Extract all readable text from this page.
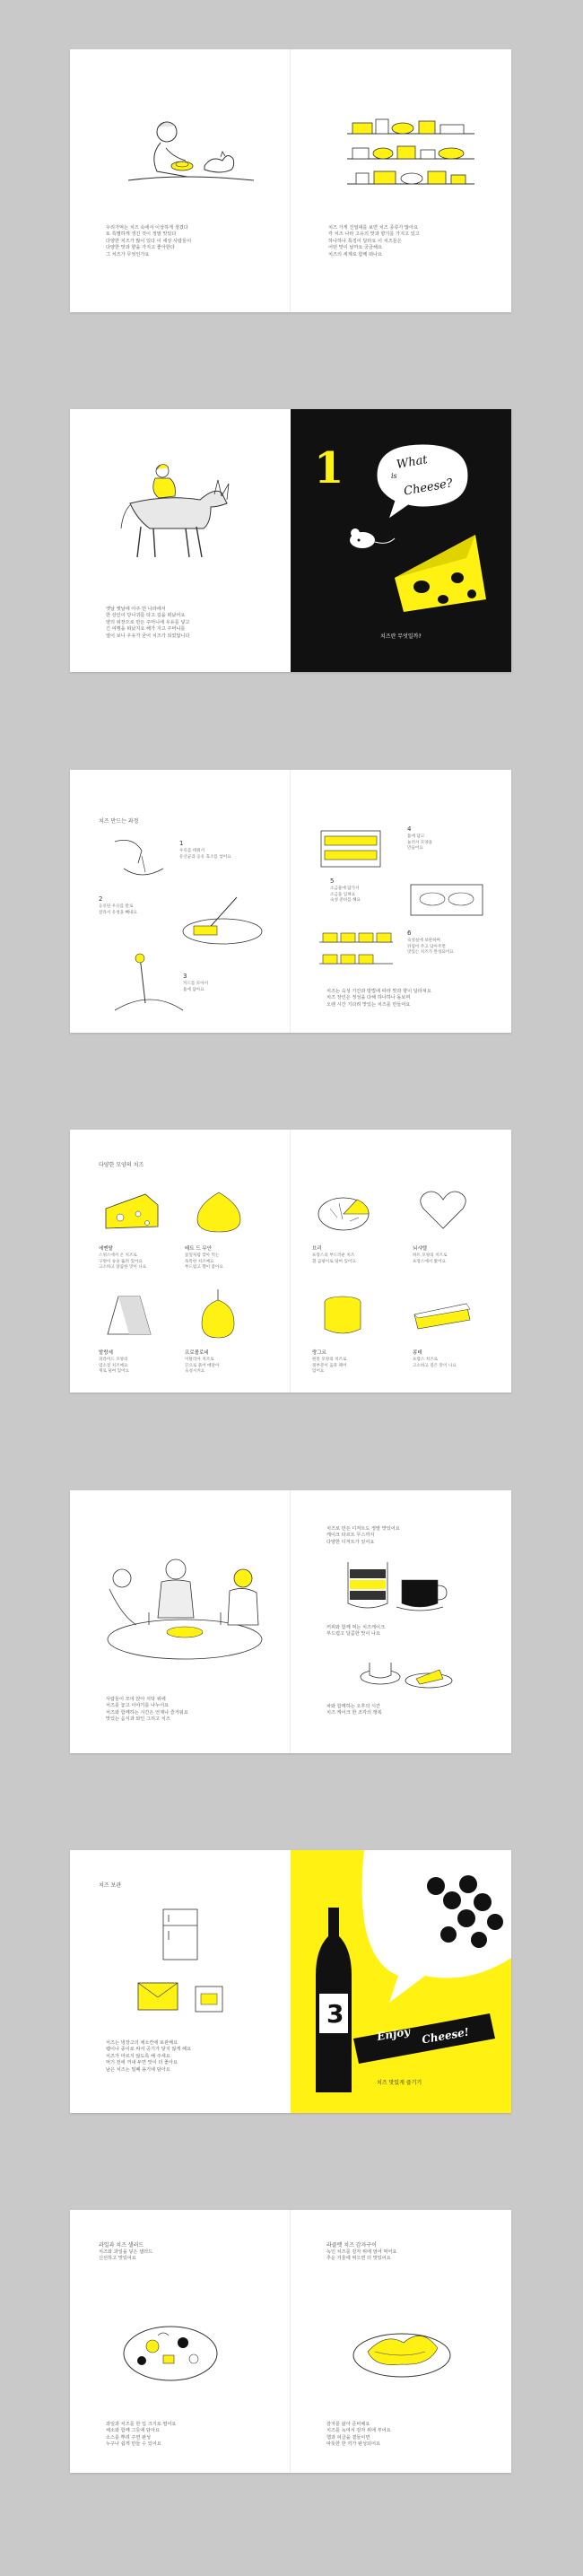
우리가먹는 치즈 속에서 이상하게 생겼다
또 특별하게 생긴 것이 정말 맛있다
다양한 치즈가 많이 있다 이 세상 사람들이
다양한 맛과 향을 가지고 좋아한다
그 치즈가 무엇인가요
치즈 가게 진열대를 보면 치즈 종류가 많아요
각 치즈 나라 고유의 맛과 향기를 가지고 있고
하나하나 특징이 달라요 이 치즈들은
어떤 맛이 날까요 궁금해요
치즈의 세계로 함께 떠나요
옛날 옛날에 아주 먼 나라에서
한 상인이 당나귀를 타고 길을 떠났어요
양의 위장으로 만든 주머니에 우유를 넣고
긴 여행을 떠났지요 해가 지고 주머니를
열어 보니 우유가 굳어 치즈가 되었답니다
1	What
is
Cheese?
치즈란 무엇일까?
치즈 만드는 과정
1
우유를 데워서
유산균과 응유 효소를 넣어요
2
응유된 우유를 칼로
잘라서 유청을 빼내요
3
커드를 모아서
틀에 담아요
4
틀에 담고
눌러서 모양을
만들어요
5
소금물에 담가서
소금을 입혀요
숙성 준비를 해요
6
숙성실에 보관하며
뒤집어 주고 닦아주면
맛있는 치즈가 완성되어요
치즈는 숙성 기간과 방법에 따라 맛과 향이 달라져요
치즈 장인은 정성을 다해 하나하나 돌보며
오랜 시간 기다려 맛있는 치즈를 만들어요
다양한 모양의 치즈
에멘탈
스위스에서 온 치즈로
구멍이 숭숭 뚫려 있어요
고소하고 달콤한 맛이 나요
테트 드 무안
꽃잎처럼 깎아 먹는
독특한 치즈예요
부드럽고 향이 좋아요
발랑세
피라미드 모양의
염소젖 치즈예요
재로 덮여 있어요
프로볼로네
이탈리아 치즈로
끈으로 묶어 매달아
숙성시켜요
브리
프랑스의 부드러운 치즈
흰 곰팡이로 덮여 있어요
뇌샤텔
하트 모양의 치즈로
프랑스에서 왔어요
랑그르
원통 모양의 치즈로
윗부분이 움푹 패어
있어요
콩테
프랑스 치즈로
고소하고 깊은 맛이 나요
사람들이 모여 앉아 식탁 위에
치즈를 놓고 이야기를 나누어요
치즈와 함께하는 시간은 언제나 즐거워요
맛있는 음식과 와인 그리고 치즈
치즈로 만든 디저트도 정말 맛있어요
케이크 타르트 무스까지
다양한 디저트가 있어요
커피와 함께 먹는 치즈케이크
부드럽고 달콤한 맛이 나요
차와 함께하는 오후의 시간
치즈 케이크 한 조각의 행복
치즈 보관
치즈는 냉장고의 채소칸에 보관해요
랩이나 종이로 싸서 공기가 닿지 않게 해요
치즈가 마르지 않도록 해 주세요
먹기 전에 꺼내 두면 맛이 더 좋아요
남은 치즈는 밀폐 용기에 담아요
3
Enjoy Cheese!
치즈 맛있게 즐기기
과일과 치즈 샐러드
치즈와 과일을 넣은 샐러드
신선하고 맛있어요
과일과 치즈를 한 입 크기로 썰어요
채소와 함께 그릇에 담아요
소스를 뿌려 주면 완성
누구나 쉽게 만들 수 있어요
라클렛 치즈 감자구이
녹인 치즈를 감자 위에 얹어 먹어요
추운 겨울에 먹으면 더 맛있어요
감자를 삶아 준비해요
치즈를 녹여서 감자 위에 부어요
햄과 피클을 곁들이면
따뜻한 한 끼가 완성되어요
